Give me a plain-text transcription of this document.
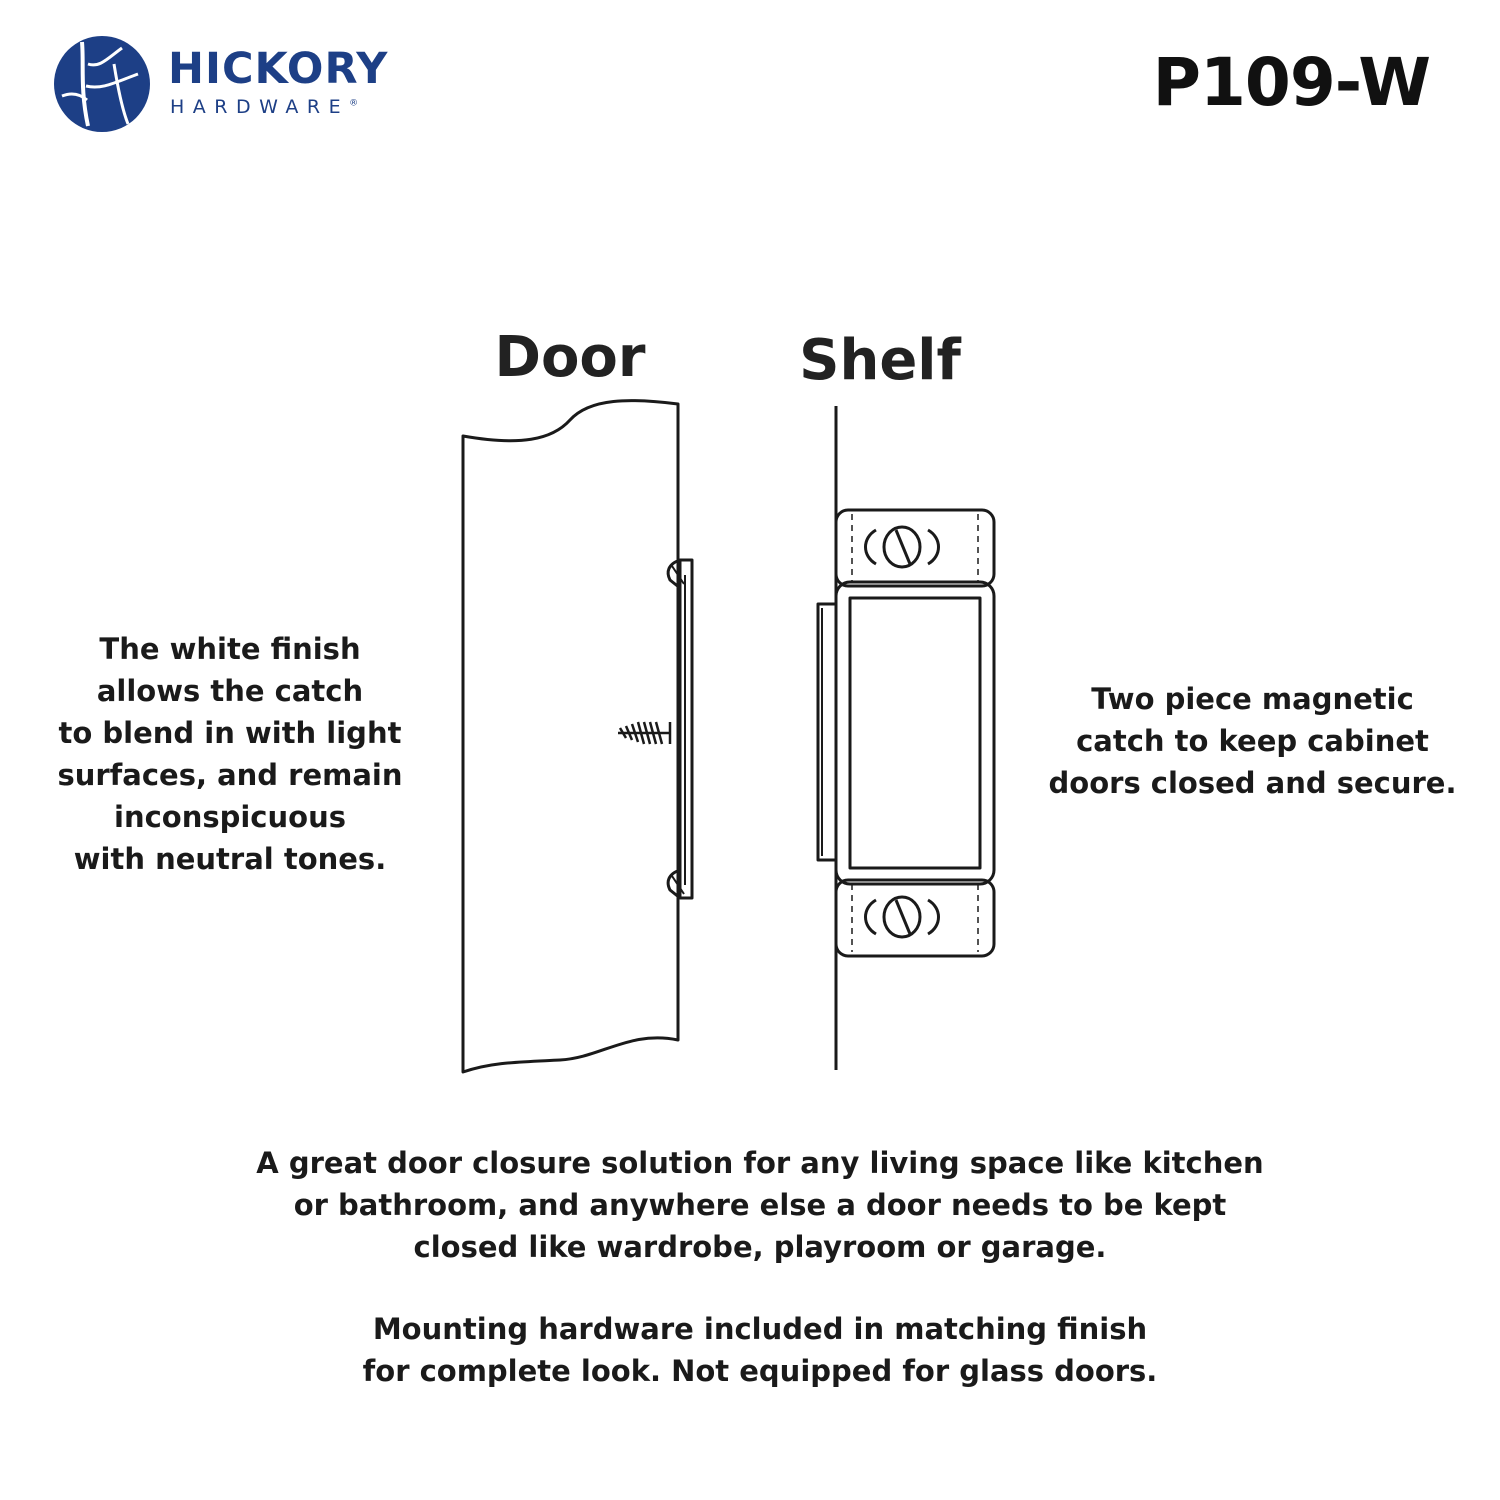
HICKORY
HARDWARE®	P109-W
Door	Shelf
The white finish
allows the catch
to blend in with light
surfaces, and remain
inconspicuous
with neutral tones.
Two piece magnetic
catch to keep cabinet
doors closed and secure.
A great door closure solution for any living space like kitchen
or bathroom, and anywhere else a door needs to be kept
closed like wardrobe, playroom or garage.
Mounting hardware included in matching finish
for complete look. Not equipped for glass doors.
